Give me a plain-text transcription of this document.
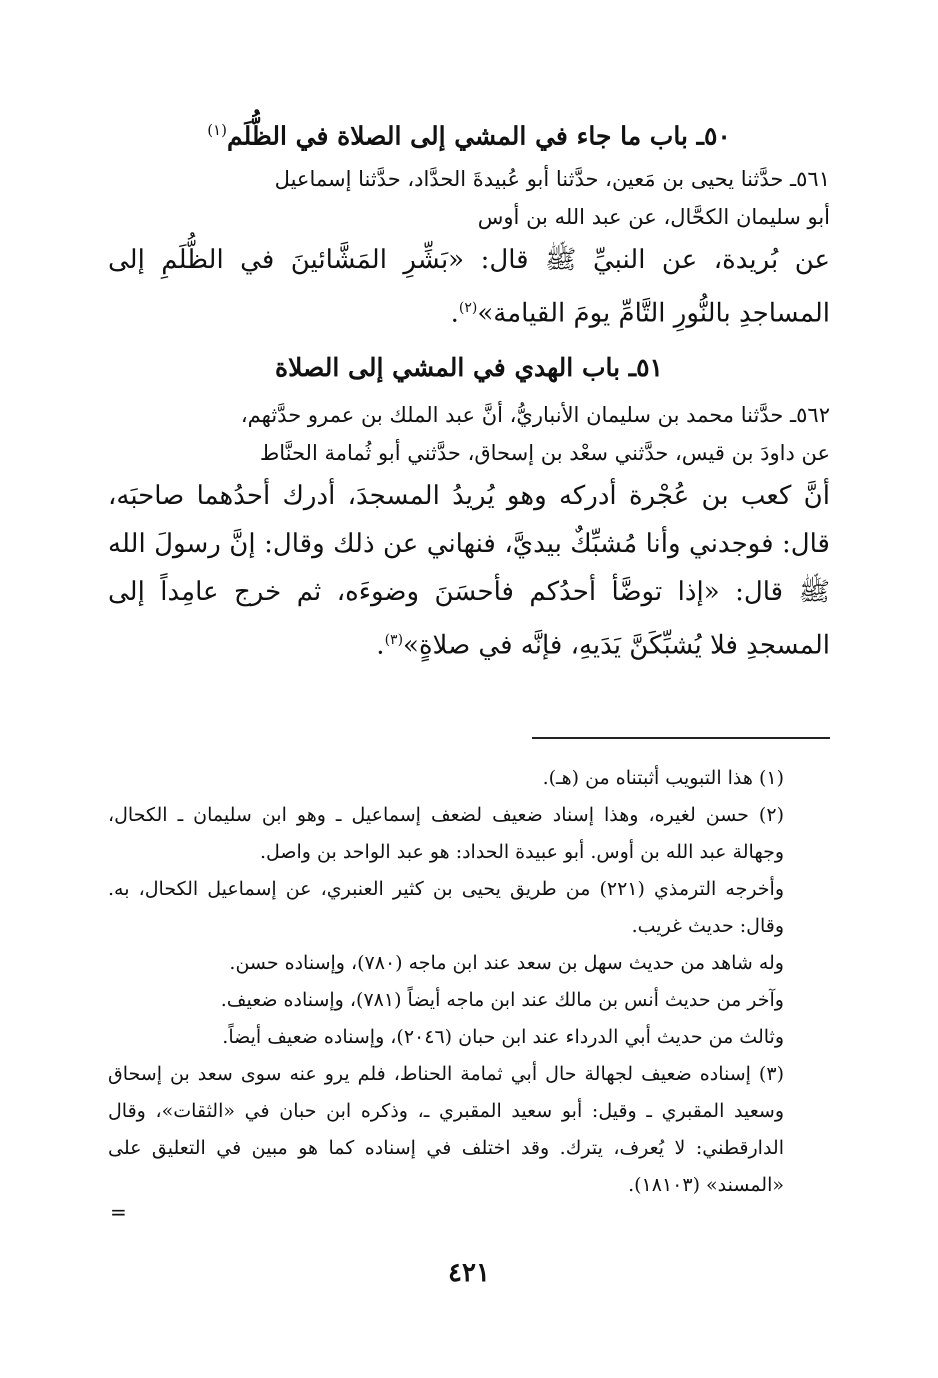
٥٠ـ باب ما جاء في المشي إلى الصلاة في الظُّلَم$^{(١)}$

٥٦١ـ حدَّثنا يحيى بن مَعين، حدَّثنا أبو عُبيدةَ الحدَّاد، حدَّثنا إسماعيل

أبو سليمان الكحَّال، عن عبد الله بن أوس

عن بُريدة، عن النبيِّ ﷺ قال: «بَشِّرِ المَشَّائينَ في الظُّلَمِ إلى المساجدِ بالنُّورِ التَّامِّ يومَ القيامة»$^{(٢)}$.

٥١ـ باب الهدي في المشي إلى الصلاة

٥٦٢ـ حدَّثنا محمد بن سليمان الأنباريُّ، أنَّ عبد الملك بن عمرو حدَّثهم،

عن داودَ بن قيس، حدَّثني سعْد بن إسحاق، حدَّثني أبو ثُمامة الحنَّاط

أنَّ كعب بن عُجْرة أدركه وهو يُريدُ المسجدَ، أدرك أحدُهما صاحبَه، قال: فوجدني وأنا مُشبِّكٌ بيديَّ، فنهاني عن ذلك وقال: إنَّ رسولَ الله ﷺ قال: «إذا توضَّأ أحدُكم فأحسَنَ وضوءَه، ثم خرج عامِداً إلى المسجدِ فلا يُشبِّكَنَّ يَدَيهِ، فإنَّه في صلاةٍ»$^{(٣)}$.

(١) هذا التبويب أثبتناه من (هـ).

(٢) حسن لغيره، وهذا إسناد ضعيف لضعف إسماعيل ـ وهو ابن سليمان ـ الكحال، وجهالة عبد الله بن أوس. أبو عبيدة الحداد: هو عبد الواحد بن واصل.

وأخرجه الترمذي (٢٢١) من طريق يحيى بن كثير العنبري، عن إسماعيل الكحال، به. وقال: حديث غريب.

وله شاهد من حديث سهل بن سعد عند ابن ماجه (٧٨٠)، وإسناده حسن.

وآخر من حديث أنس بن مالك عند ابن ماجه أيضاً (٧٨١)، وإسناده ضعيف.

وثالث من حديث أبي الدرداء عند ابن حبان (٢٠٤٦)، وإسناده ضعيف أيضاً.

(٣) إسناده ضعيف لجهالة حال أبي ثمامة الحناط، فلم يرو عنه سوى سعد بن إسحاق وسعيد المقبري ـ وقيل: أبو سعيد المقبري ـ، وذكره ابن حبان في «الثقات»، وقال الدارقطني: لا يُعرف، يترك. وقد اختلف في إسناده كما هو مبين في التعليق على «المسند» (١٨١٠٣).

=
٤٢١
